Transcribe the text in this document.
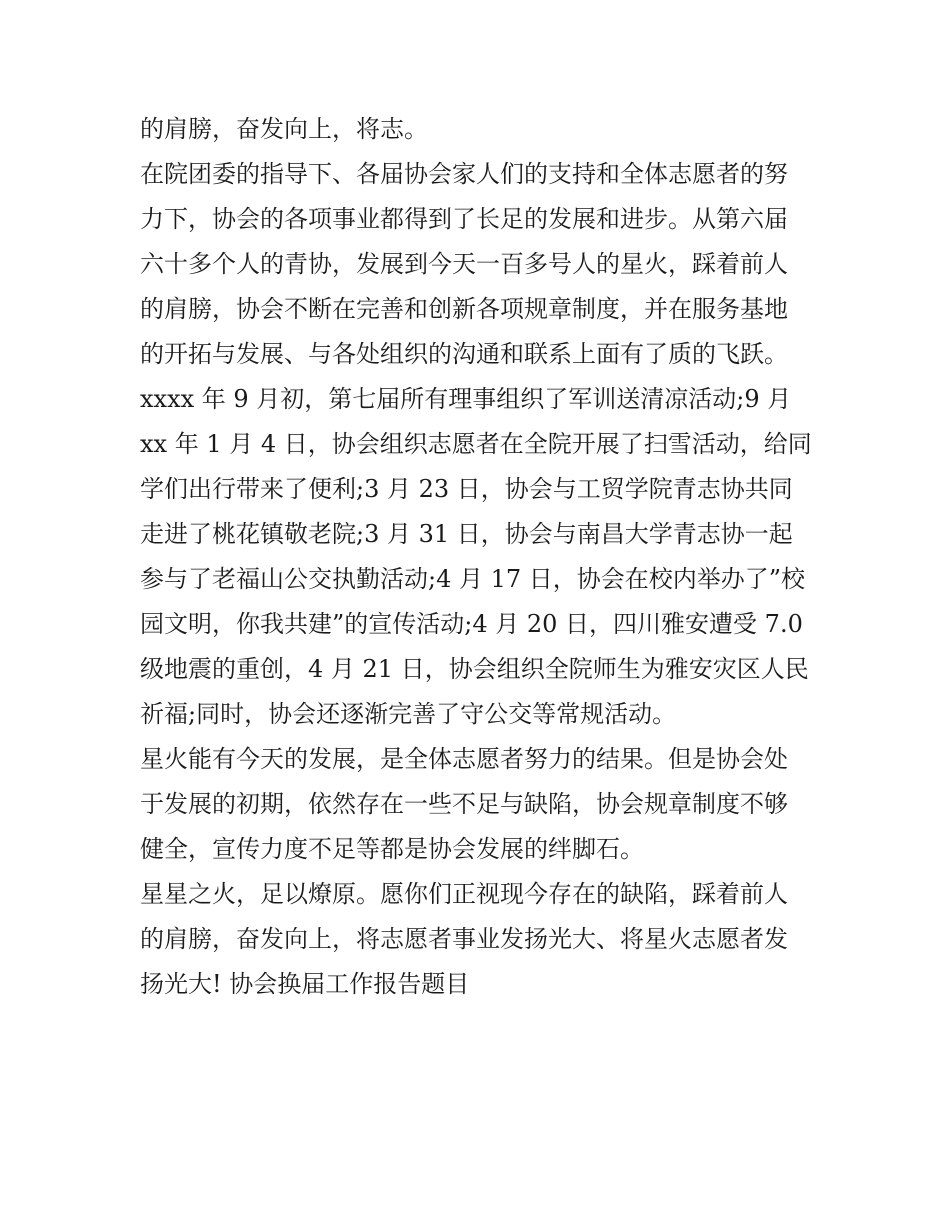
的肩膀，奋发向上，将志。
在院团委的指导下、各届协会家人们的支持和全体志愿者的努
力下，协会的各项事业都得到了长足的发展和进步。从第六届
六十多个人的青协，发展到今天一百多号人的星火，踩着前人
的肩膀，协会不断在完善和创新各项规章制度，并在服务基地
的开拓与发展、与各处组织的沟通和联系上面有了质的飞跃。
xxxx 年 9 月初，第七届所有理事组织了军训送清凉活动;9 月
xx 年 1 月 4 日，协会组织志愿者在全院开展了扫雪活动，给同
学们出行带来了便利;3 月 23 日，协会与工贸学院青志协共同
走进了桃花镇敬老院;3 月 31 日，协会与南昌大学青志协一起
参与了老福山公交执勤活动;4 月 17 日，协会在校内举办了”校
园文明，你我共建”的宣传活动;4 月 20 日，四川雅安遭受 7.0
级地震的重创，4 月 21 日，协会组织全院师生为雅安灾区人民
祈福;同时，协会还逐渐完善了守公交等常规活动。
星火能有今天的发展，是全体志愿者努力的结果。但是协会处
于发展的初期，依然存在一些不足与缺陷，协会规章制度不够
健全，宣传力度不足等都是协会发展的绊脚石。
星星之火，足以燎原。愿你们正视现今存在的缺陷，踩着前人
的肩膀，奋发向上，将志愿者事业发扬光大、将星火志愿者发
扬光大! 协会换届工作报告题目
